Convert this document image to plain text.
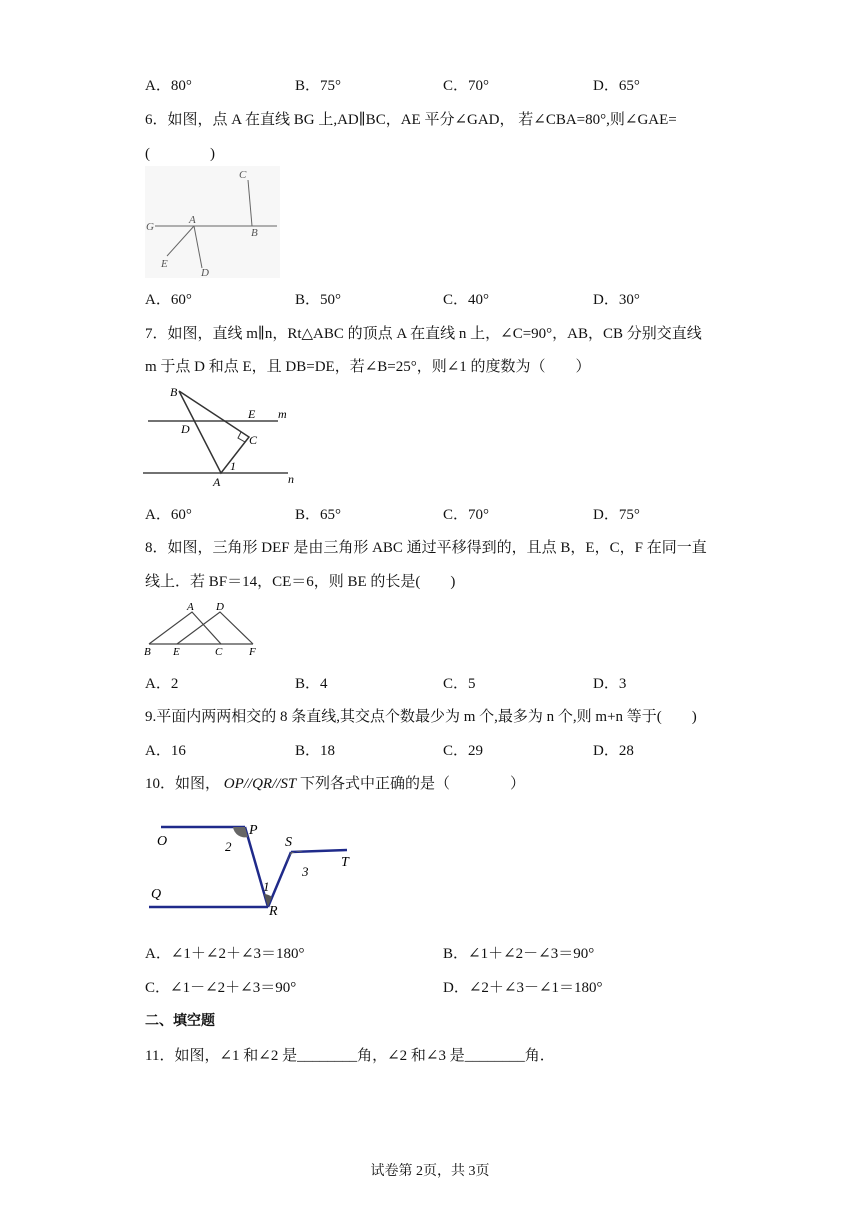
A．80°	B．75°	C．70°	D．65°
6．如图，点 A 在直线 BG 上,AD∥BC，AE 平分∠GAD， 若∠CBA=80°,则∠GAE=
(　　　　)
G
A
B
C
E
D
A．60°	B．50°	C．40°	D．30°
7．如图，直线 m∥n，Rt△ABC 的顶点 A 在直线 n 上，∠C=90°，AB，CB 分别交直线
m 于点 D 和点 E，且 DB=DE，若∠B=25°，则∠1 的度数为（　　）
B
E m
D
C
1
A	n
A．60°	B．65°	C．70°	D．75°
8．如图，三角形 DEF 是由三角形 ABC 通过平移得到的，且点 B，E，C，F 在同一直
线上．若 BF＝14，CE＝6，则 BE 的长是(　　)
A D
B E	C F
A．2	B．4	C．5	D．3
9.平面内两两相交的 8 条直线,其交点个数最少为 m 个,最多为 n 个,则 m+n 等于(　　)
A．16	B．18	C．29	D．28
10．如图， OP//QR//ST 下列各式中正确的是（　　　　）
O
P
2	S
T
3
Q
1
R
A．∠1＋∠2＋∠3＝180°	B．∠1＋∠2－∠3＝90°
C．∠1－∠2＋∠3＝90°	D．∠2＋∠3－∠1＝180°
二、填空题
11．如图，∠1 和∠2 是________角，∠2 和∠3 是________角．
试卷第 2页，共 3页
